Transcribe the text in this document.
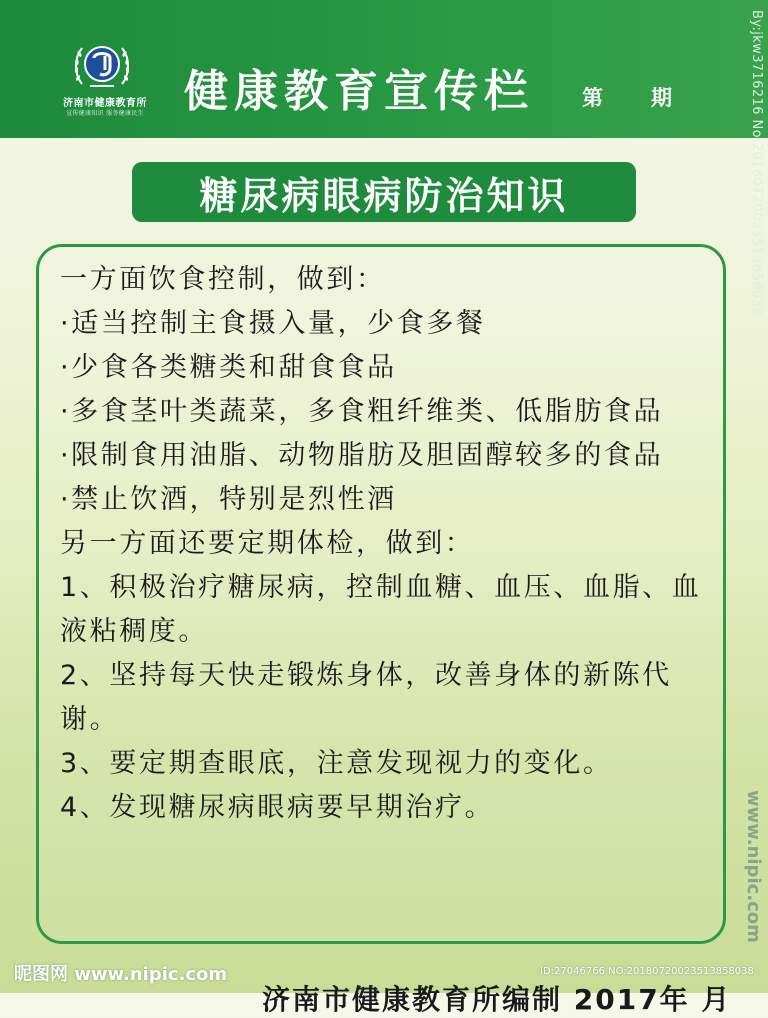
济南市健康教育所
宣传健康知识 服务健康民生 健康教育宣传栏 第 期	By:jkw3716216 No:20180720023513858038
糖尿病眼病防治知识

一方面饮食控制，做到：

·适当控制主食摄入量，少食多餐

·少食各类糖类和甜食食品

·多食茎叶类蔬菜，多食粗纤维类、低脂肪食品

·限制食用油脂、动物脂肪及胆固醇较多的食品

·禁止饮酒，特别是烈性酒

另一方面还要定期体检，做到：

1、积极治疗糖尿病，控制血糖、血压、血脂、血液粘稠度。

2、坚持每天快走锻炼身体，改善身体的新陈代谢。

3、要定期查眼底，注意发现视力的变化。

4、发现糖尿病眼病要早期治疗。	www.nipic.com
昵图网 www.nipic.com	ID:27046766 NO:20180720023513858038
济南市健康教育所编制 2017年 月
